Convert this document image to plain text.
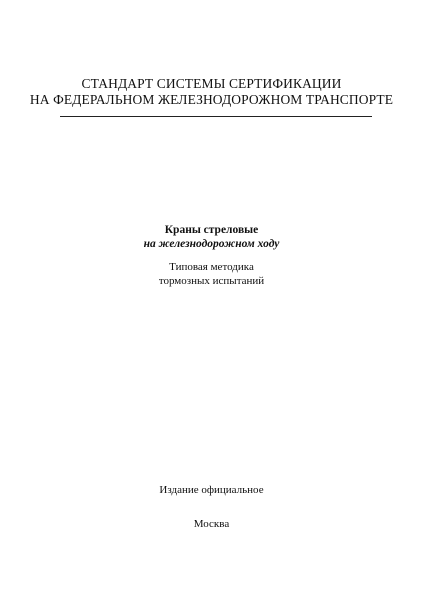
СТАНДАРТ СИСТЕМЫ СЕРТИФИКАЦИИ
НА ФЕДЕРАЛЬНОМ ЖЕЛЕЗНОДОРОЖНОМ ТРАНСПОРТЕ
Краны стреловые
на железнодорожном ходу
Типовая методика
тормозных испытаний
Издание официальное
Москва
